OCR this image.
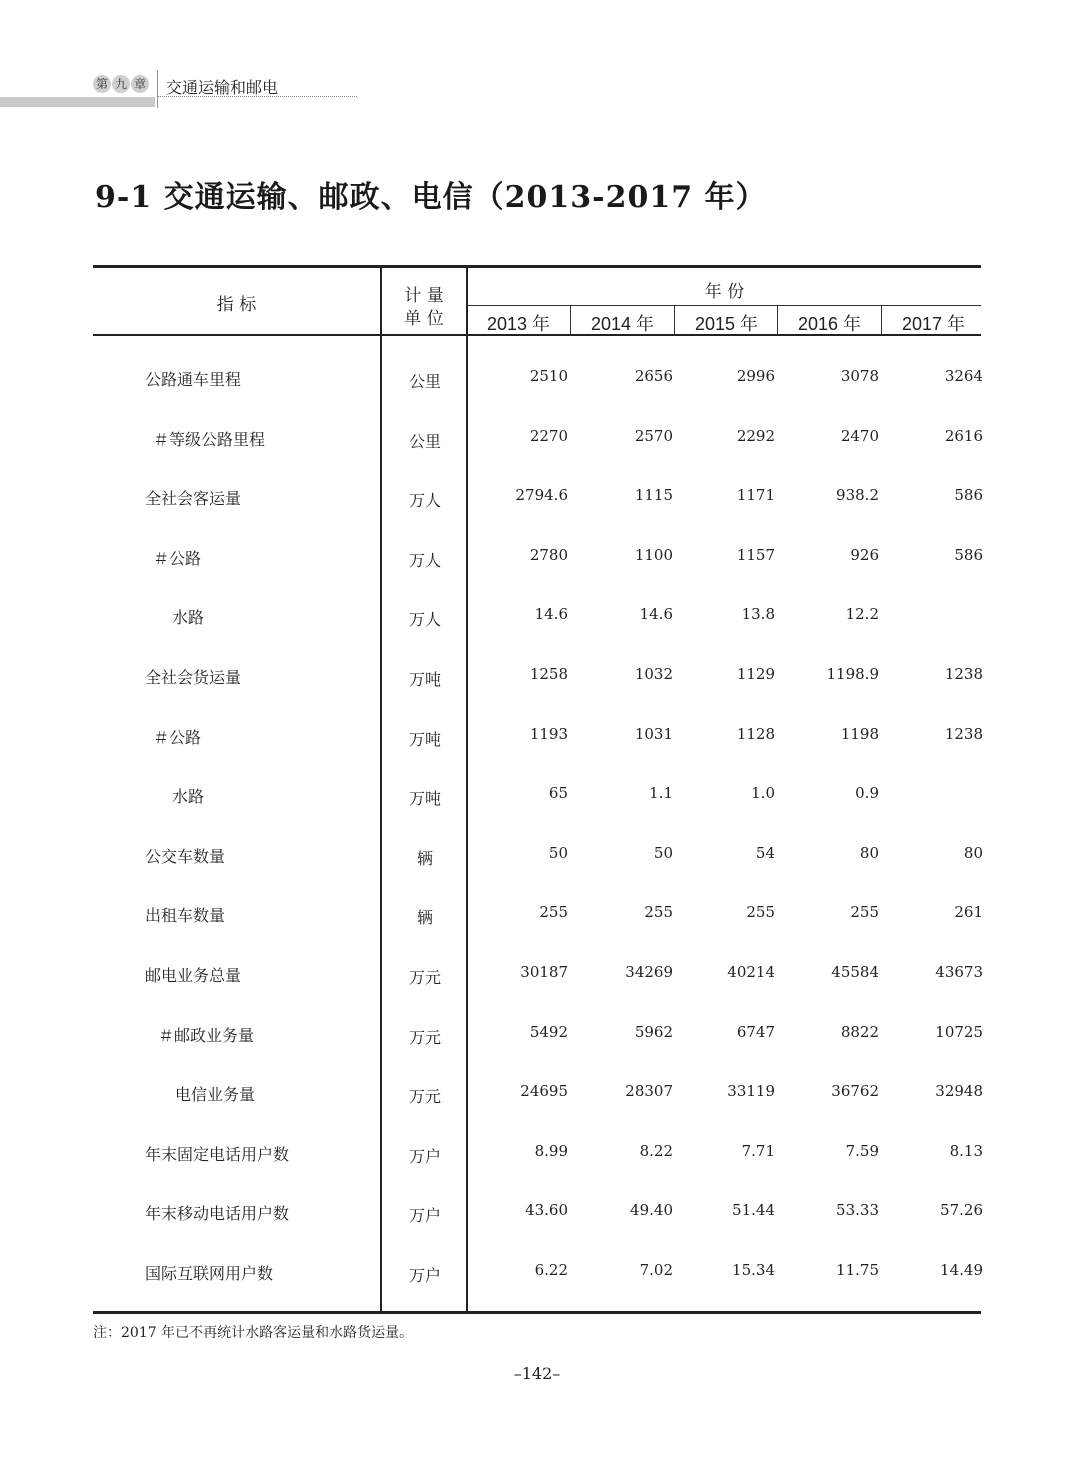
第 九 章 交通运输和邮电
9-1 交通运输、邮政、电信（2013-2017 年）
指 标	计 量
单 位
年 份
2013 年	2014 年	2015 年	2016 年	2017 年
公路通车里程	公里	2510	2656	2996	3078	3264
＃等级公路里程	公里	2270	2570	2292	2470	2616
全社会客运量	万人	2794.6	1115	1171	938.2	586
＃公路	万人	2780	1100	1157	926	586
水路	万人	14.6	14.6	13.8	12.2
全社会货运量	万吨	1258	1032	1129	1198.9	1238
＃公路	万吨	1193	1031	1128	1198	1238
水路	万吨	65	1.1	1.0	0.9
公交车数量	辆	50	50	54	80	80
出租车数量	辆	255	255	255	255	261
邮电业务总量	万元	30187	34269	40214	45584	43673
＃邮政业务量	万元	5492	5962	6747	8822	10725
电信业务量	万元	24695	28307	33119	36762	32948
年末固定电话用户数	万户	8.99	8.22	7.71	7.59	8.13
年末移动电话用户数	万户	43.60	49.40	51.44	53.33	57.26
国际互联网用户数	万户	6.22	7.02	15.34	11.75	14.49
注：2017 年已不再统计水路客运量和水路货运量。
–142–
